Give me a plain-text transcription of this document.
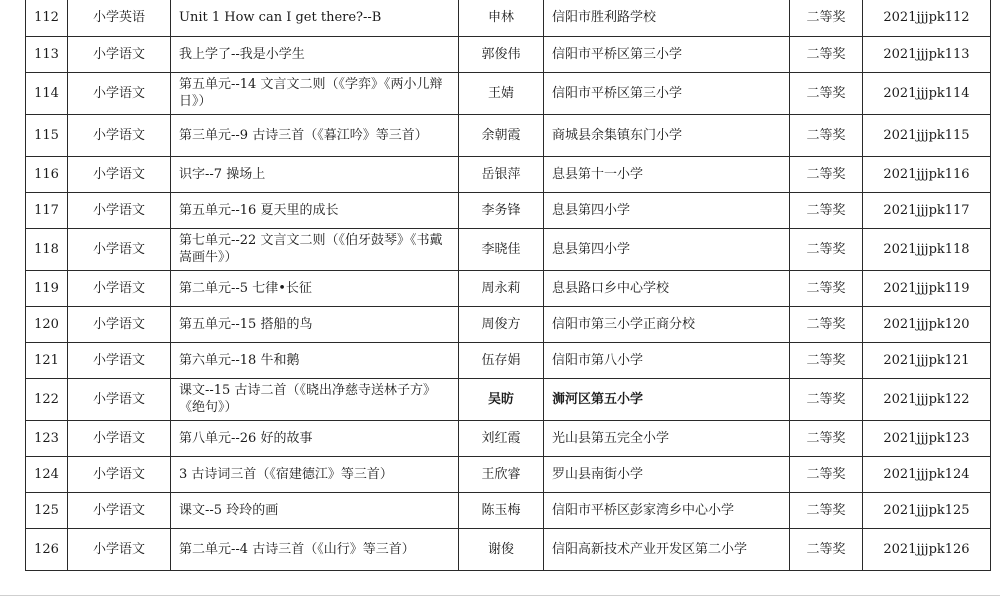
112	小学英语	Unit 1 How can I get there?--B	申林	信阳市胜利路学校	二等奖	2021jjjpk112
113	小学语文	我上学了--我是小学生	郭俊伟	信阳市平桥区第三小学	二等奖	2021jjjpk113
114	小学语文	第五单元--14 文言文二则（《学弈》《两小儿辩日》）	王婧	信阳市平桥区第三小学	二等奖	2021jjjpk114
115	小学语文	第三单元--9 古诗三首（《暮江吟》等三首）	余朝霞	商城县余集镇东门小学	二等奖	2021jjjpk115
116	小学语文	识字--7 操场上	岳银萍	息县第十一小学	二等奖	2021jjjpk116
117	小学语文	第五单元--16 夏天里的成长	李务锋	息县第四小学	二等奖	2021jjjpk117
118	小学语文	第七单元--22 文言文二则（《伯牙鼓琴》《书戴嵩画牛》）	李晓佳	息县第四小学	二等奖	2021jjjpk118
119	小学语文	第二单元--5 七律•长征	周永莉	息县路口乡中心学校	二等奖	2021jjjpk119
120	小学语文	第五单元--15 搭船的鸟	周俊方	信阳市第三小学正商分校	二等奖	2021jjjpk120
121	小学语文	第六单元--18 牛和鹅	伍存娟	信阳市第八小学	二等奖	2021jjjpk121
122	小学语文	课文--15 古诗二首（《晓出净慈寺送林子方》《绝句》）	吴昉	浉河区第五小学	二等奖	2021jjjpk122
123	小学语文	第八单元--26 好的故事	刘红霞	光山县第五完全小学	二等奖	2021jjjpk123
124	小学语文	3 古诗词三首（《宿建德江》等三首）	王欣睿	罗山县南街小学	二等奖	2021jjjpk124
125	小学语文	课文--5 玲玲的画	陈玉梅	信阳市平桥区彭家湾乡中心小学	二等奖	2021jjjpk125
126	小学语文	第二单元--4 古诗三首（《山行》等三首）	谢俊	信阳高新技术产业开发区第二小学	二等奖	2021jjjpk126
